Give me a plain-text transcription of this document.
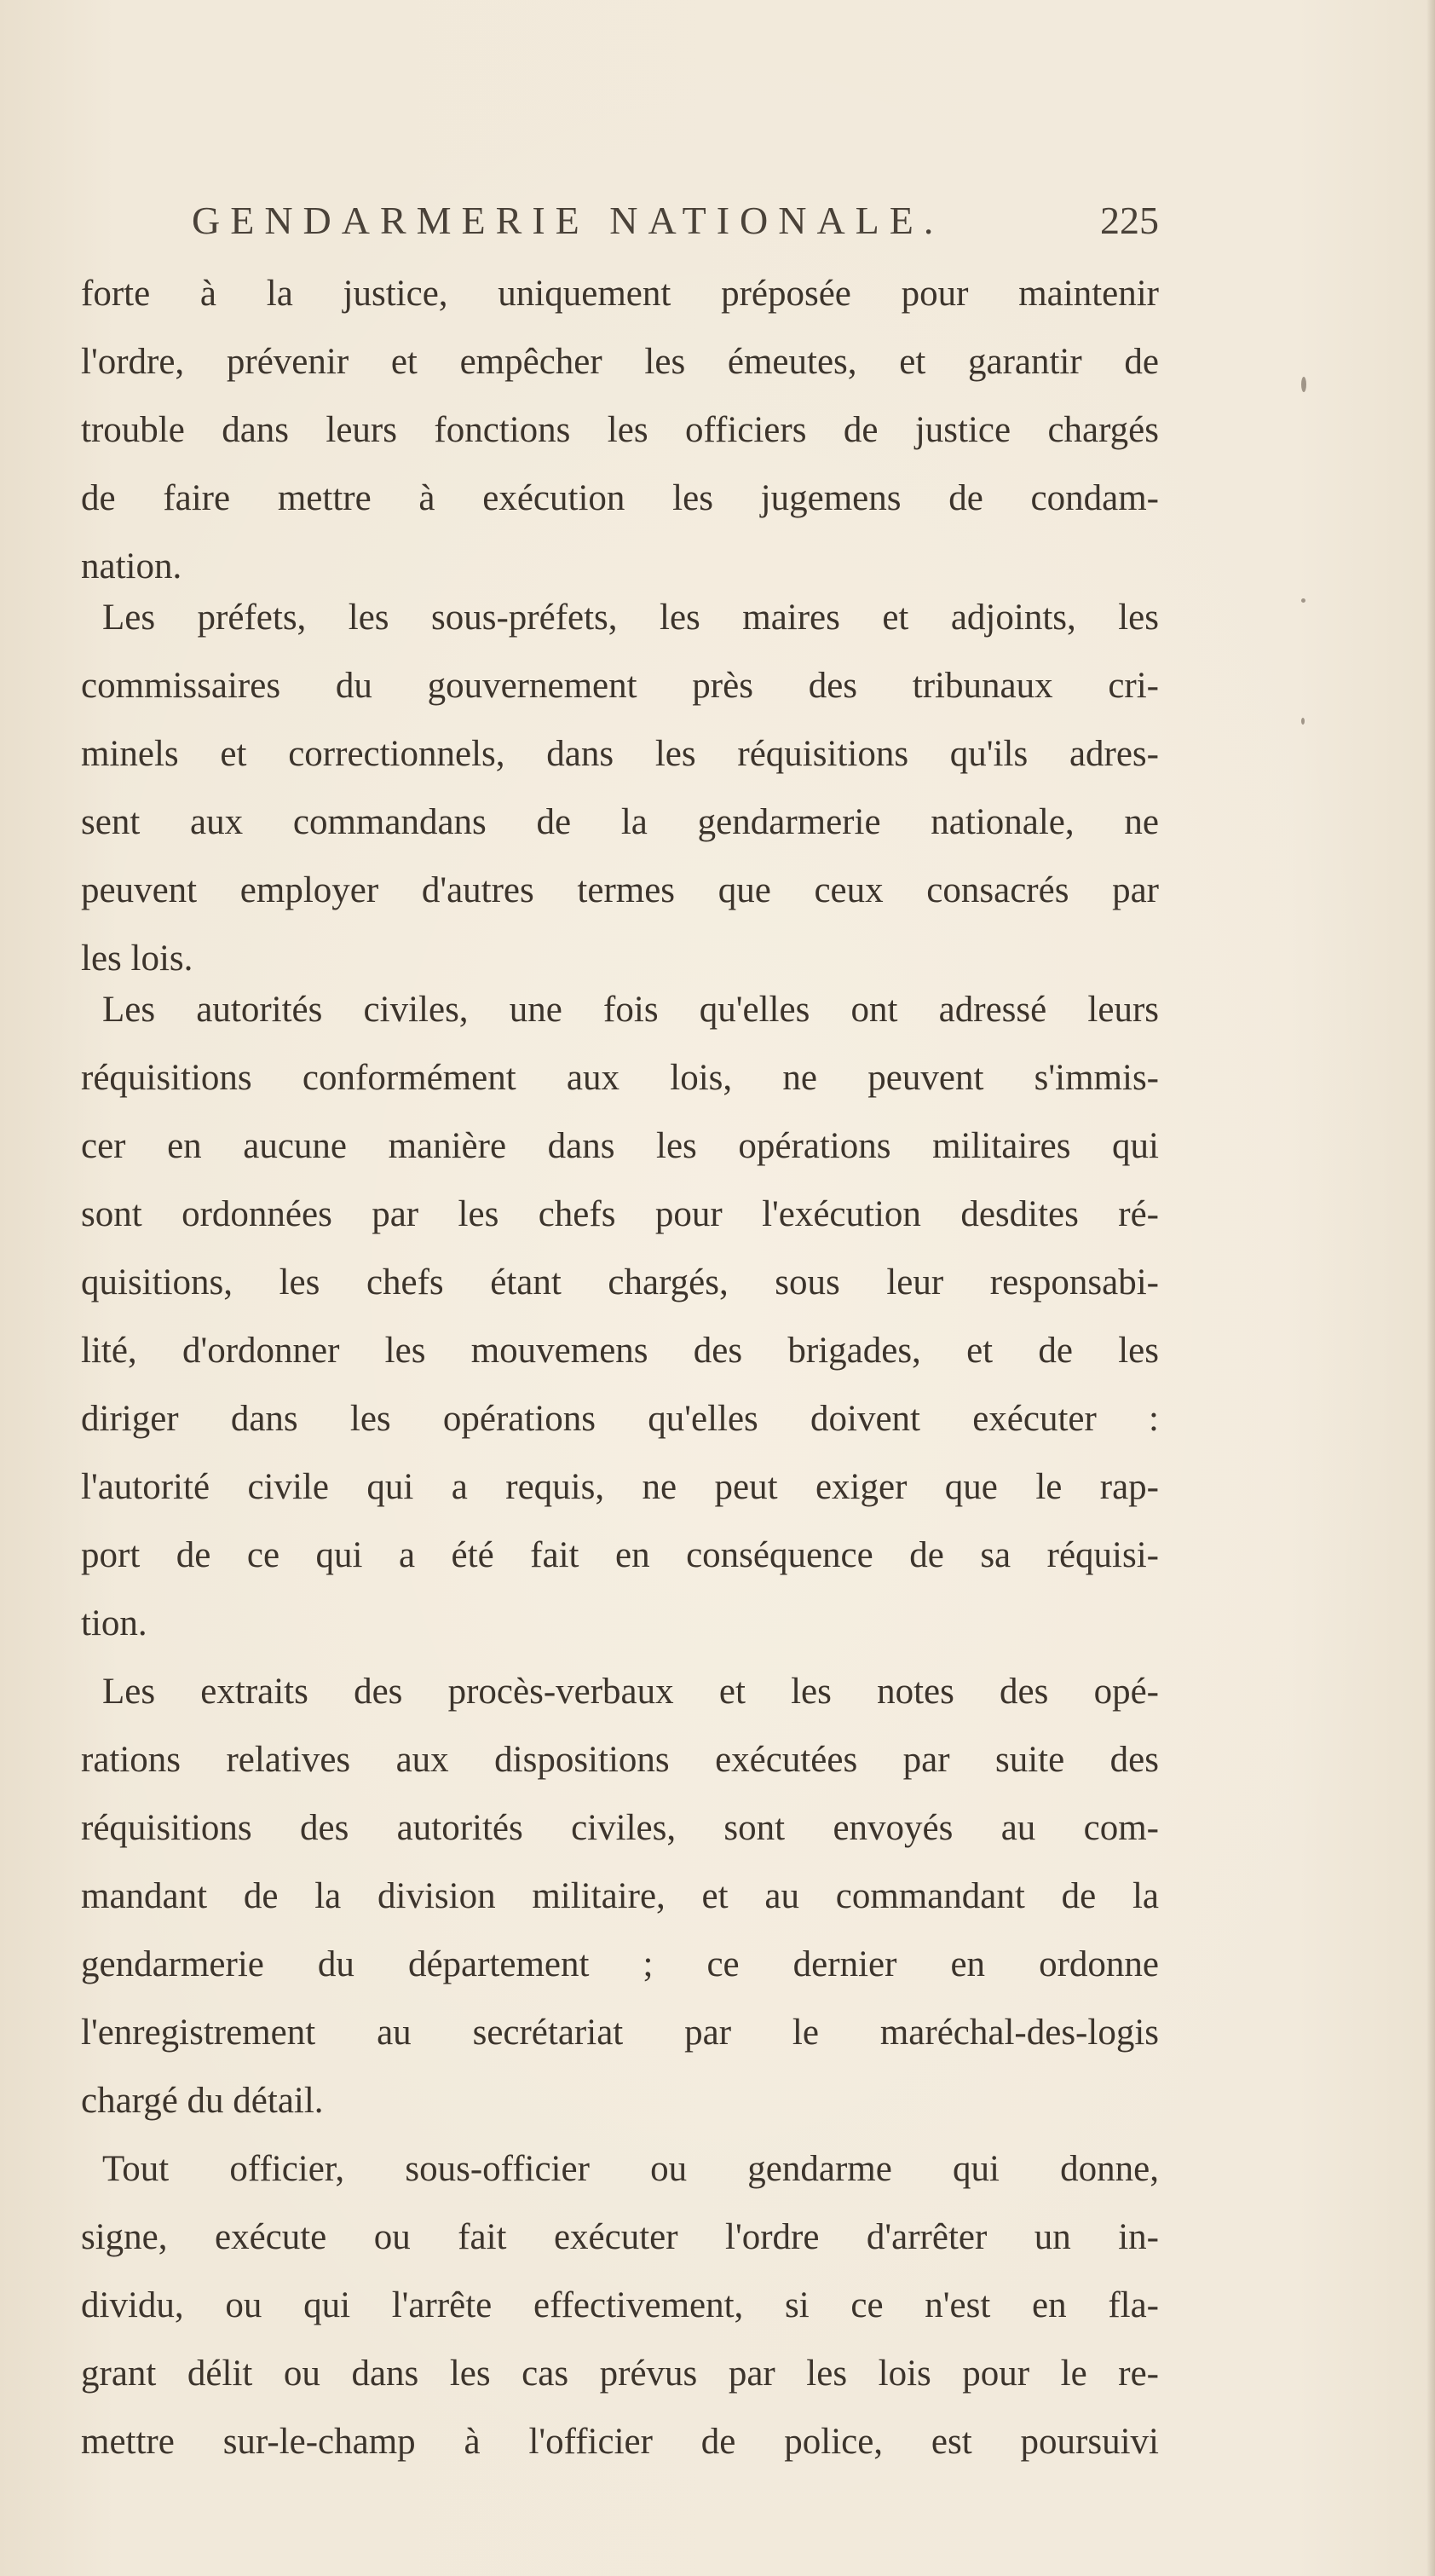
GENDARMERIE NATIONALE.	225
forte à la justice, uniquement préposée pour maintenir
l'ordre, prévenir et empêcher les émeutes, et garantir de
trouble dans leurs fonctions les officiers de justice chargés
de faire mettre à exécution les jugemens de condam-
nation.
Les préfets, les sous-préfets, les maires et adjoints, les
commissaires du gouvernement près des tribunaux cri-
minels et correctionnels, dans les réquisitions qu'ils adres-
sent aux commandans de la gendarmerie nationale, ne
peuvent employer d'autres termes que ceux consacrés par
les lois.
Les autorités civiles, une fois qu'elles ont adressé leurs
réquisitions conformément aux lois, ne peuvent s'immis-
cer en aucune manière dans les opérations militaires qui
sont ordonnées par les chefs pour l'exécution desdites ré-
quisitions, les chefs étant chargés, sous leur responsabi-
lité, d'ordonner les mouvemens des brigades, et de les
diriger dans les opérations qu'elles doivent exécuter :
l'autorité civile qui a requis, ne peut exiger que le rap-
port de ce qui a été fait en conséquence de sa réquisi-
tion.
Les extraits des procès-verbaux et les notes des opé-
rations relatives aux dispositions exécutées par suite des
réquisitions des autorités civiles, sont envoyés au com-
mandant de la division militaire, et au commandant de la
gendarmerie du département ; ce dernier en ordonne
l'enregistrement au secrétariat par le maréchal-des-logis
chargé du détail.
Tout officier, sous-officier ou gendarme qui donne,
signe, exécute ou fait exécuter l'ordre d'arrêter un in-
dividu, ou qui l'arrête effectivement, si ce n'est en fla-
grant délit ou dans les cas prévus par les lois pour le re-
mettre sur-le-champ à l'officier de police, est poursuivi
